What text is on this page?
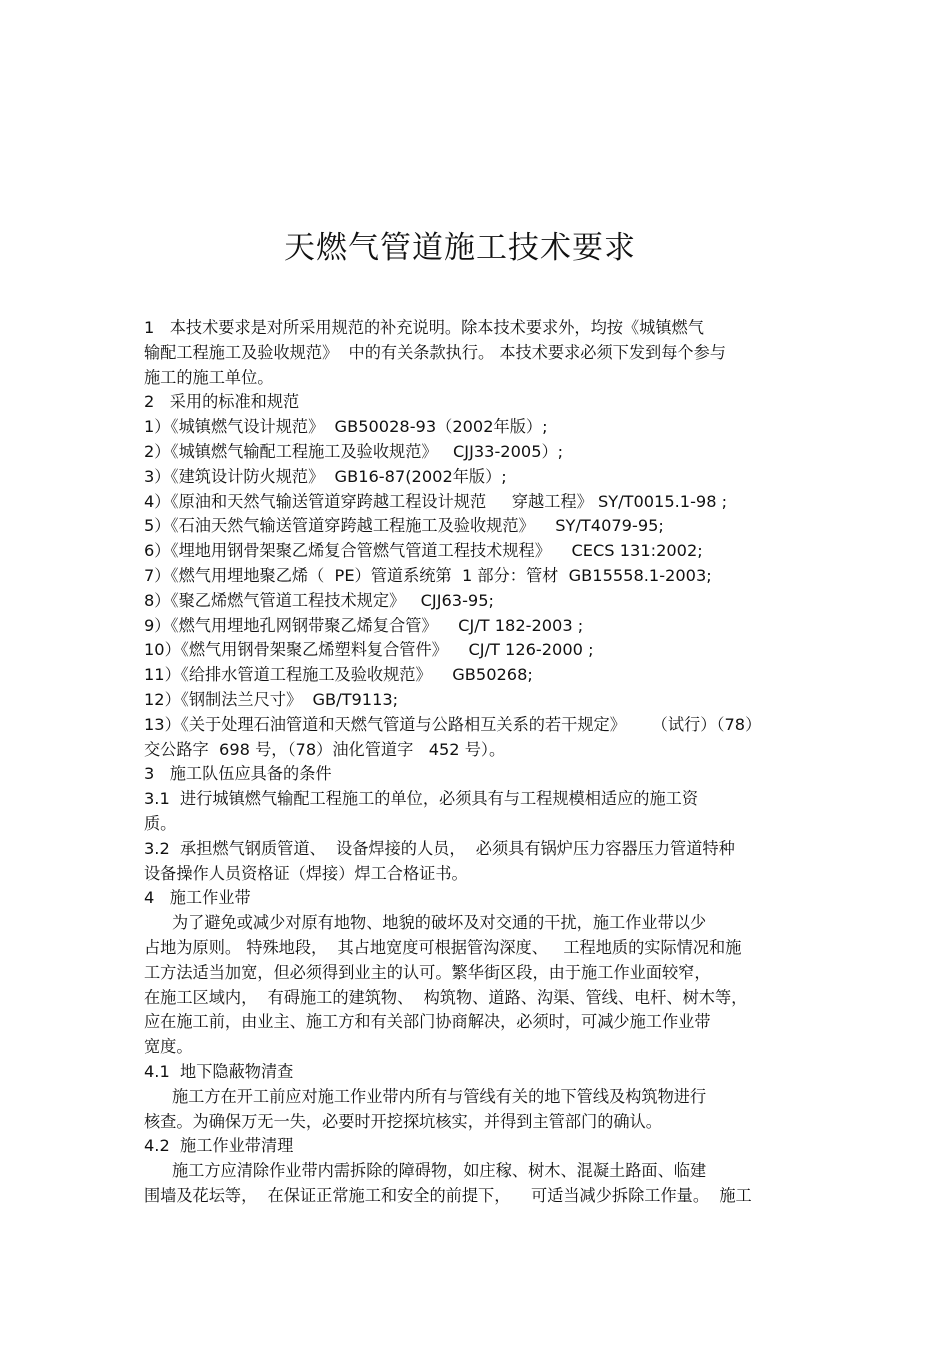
天燃气管道施工技术要求
1   本技术要求是对所采用规范的补充说明。除本技术要求外，均按《城镇燃气
输配工程施工及验收规范》  中的有关条款执行。 本技术要求必须下发到每个参与
施工的施工单位。
2   采用的标准和规范
1）《城镇燃气设计规范》  GB50028-93（2002年版）;
2）《城镇燃气输配工程施工及验收规范》   CJJ33-2005）;
3）《建筑设计防火规范》  GB16-87(2002年版）;
4）《原油和天然气输送管道穿跨越工程设计规范     穿越工程》 SY/T0015.1-98 ;
5）《石油天然气输送管道穿跨越工程施工及验收规范》    SY/T4079-95;
6）《埋地用钢骨架聚乙烯复合管燃气管道工程技术规程》    CECS 131:2002;
7）《燃气用埋地聚乙烯（  PE）管道系统第  1 部分：管材  GB15558.1-2003;
8）《聚乙烯燃气管道工程技术规定》   CJJ63-95;
9）《燃气用埋地孔网钢带聚乙烯复合管》    CJ/T 182-2003 ;
10）《燃气用钢骨架聚乙烯塑料复合管件》    CJ/T 126-2000 ;
11）《给排水管道工程施工及验收规范》    GB50268;
12）《钢制法兰尺寸》  GB/T9113;
13）《关于处理石油管道和天燃气管道与公路相互关系的若干规定》     （试行）（78）
交公路字  698 号，（78）油化管道字   452 号）。
3   施工队伍应具备的条件
3.1  进行城镇燃气输配工程施工的单位，必须具有与工程规模相适应的施工资
质。
3.2  承担燃气钢质管道、  设备焊接的人员，  必须具有锅炉压力容器压力管道特种
设备操作人员资格证（焊接）焊工合格证书。
4   施工作业带
为了避免或减少对原有地物、地貌的破坏及对交通的干扰，施工作业带以少
占地为原则。 特殊地段，  其占地宽度可根据管沟深度、   工程地质的实际情况和施
工方法适当加宽，但必须得到业主的认可。繁华街区段，由于施工作业面较窄，
在施工区域内，  有碍施工的建筑物、  构筑物、道路、沟渠、管线、电杆、树木等，
应在施工前，由业主、施工方和有关部门协商解决，必须时，可减少施工作业带
宽度。
4.1  地下隐蔽物清查
施工方在开工前应对施工作业带内所有与管线有关的地下管线及构筑物进行
核查。为确保万无一失，必要时开挖探坑核实，并得到主管部门的确认。
4.2  施工作业带清理
施工方应清除作业带内需拆除的障碍物，如庄稼、树木、混凝土路面、临建
围墙及花坛等，  在保证正常施工和安全的前提下，    可适当减少拆除工作量。  施工
